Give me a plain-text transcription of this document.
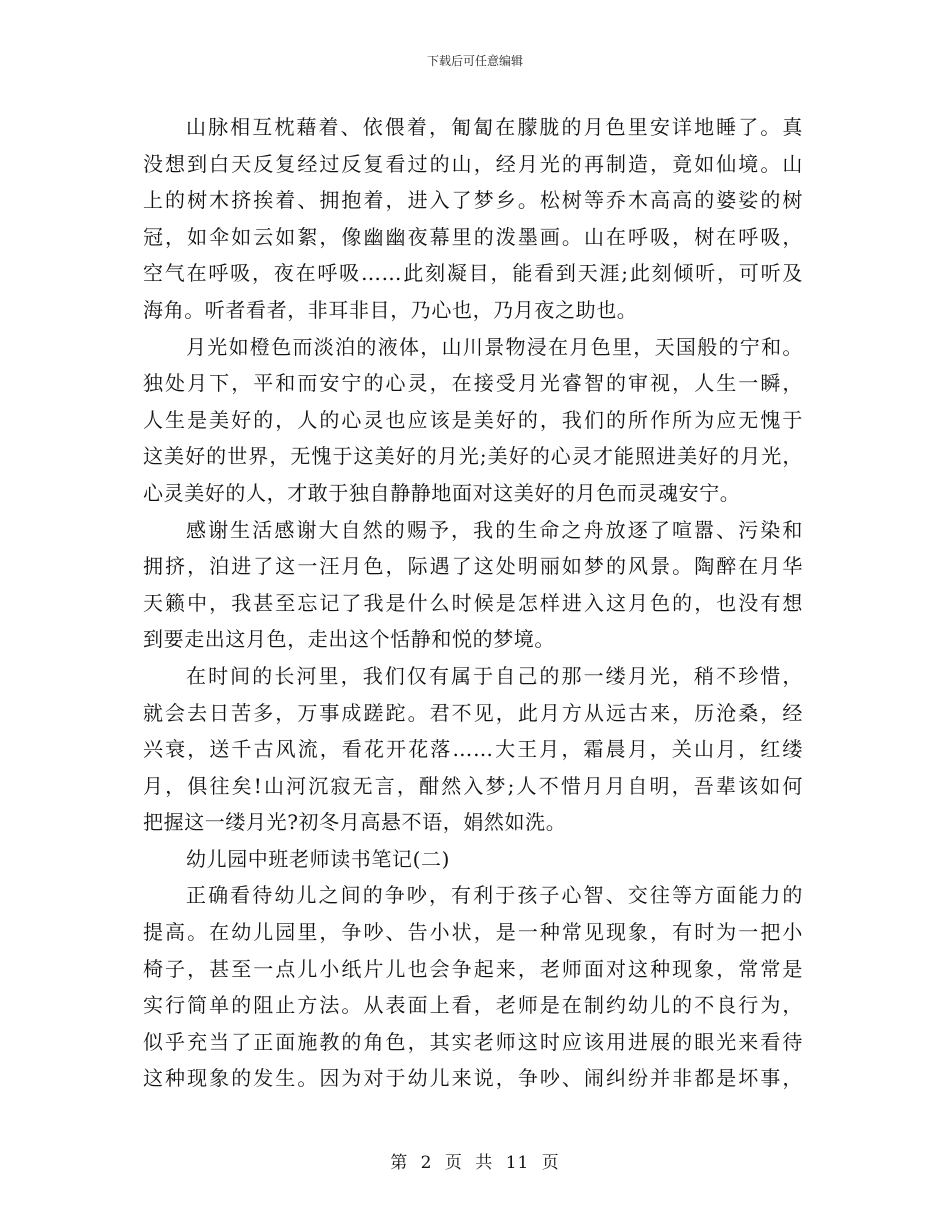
下载后可任意编辑
山脉相互枕藉着、依偎着，匍匐在朦胧的月色里安详地睡了。真
没想到白天反复经过反复看过的山，经月光的再制造，竟如仙境。山
上的树木挤挨着、拥抱着，进入了梦乡。松树等乔木高高的婆娑的树
冠，如伞如云如絮，像幽幽夜幕里的泼墨画。山在呼吸，树在呼吸，
空气在呼吸，夜在呼吸……此刻凝目，能看到天涯;此刻倾听，可听及
海角。听者看者，非耳非目，乃心也，乃月夜之助也。
月光如橙色而淡泊的液体，山川景物浸在月色里，天国般的宁和。
独处月下，平和而安宁的心灵，在接受月光睿智的审视，人生一瞬，
人生是美好的，人的心灵也应该是美好的，我们的所作所为应无愧于
这美好的世界，无愧于这美好的月光;美好的心灵才能照进美好的月光，
心灵美好的人，才敢于独自静静地面对这美好的月色而灵魂安宁。
感谢生活感谢大自然的赐予，我的生命之舟放逐了喧嚣、污染和
拥挤，泊进了这一汪月色，际遇了这处明丽如梦的风景。陶醉在月华
天籁中，我甚至忘记了我是什么时候是怎样进入这月色的，也没有想
到要走出这月色，走出这个恬静和悦的梦境。
在时间的长河里，我们仅有属于自己的那一缕月光，稍不珍惜，
就会去日苦多，万事成蹉跎。君不见，此月方从远古来，历沧桑，经
兴衰，送千古风流，看花开花落……大王月，霜晨月，关山月，红缕
月，俱往矣!山河沉寂无言，酣然入梦;人不惜月月自明，吾辈该如何
把握这一缕月光?初冬月高悬不语，娟然如洗。
幼儿园中班老师读书笔记(二)
正确看待幼儿之间的争吵，有利于孩子心智、交往等方面能力的
提高。在幼儿园里，争吵、告小状，是一种常见现象，有时为一把小
椅子，甚至一点儿小纸片儿也会争起来，老师面对这种现象，常常是
实行简单的阻止方法。从表面上看，老师是在制约幼儿的不良行为，
似乎充当了正面施教的角色，其实老师这时应该用进展的眼光来看待
这种现象的发生。因为对于幼儿来说，争吵、闹纠纷并非都是坏事，
第 2 页 共 11 页
